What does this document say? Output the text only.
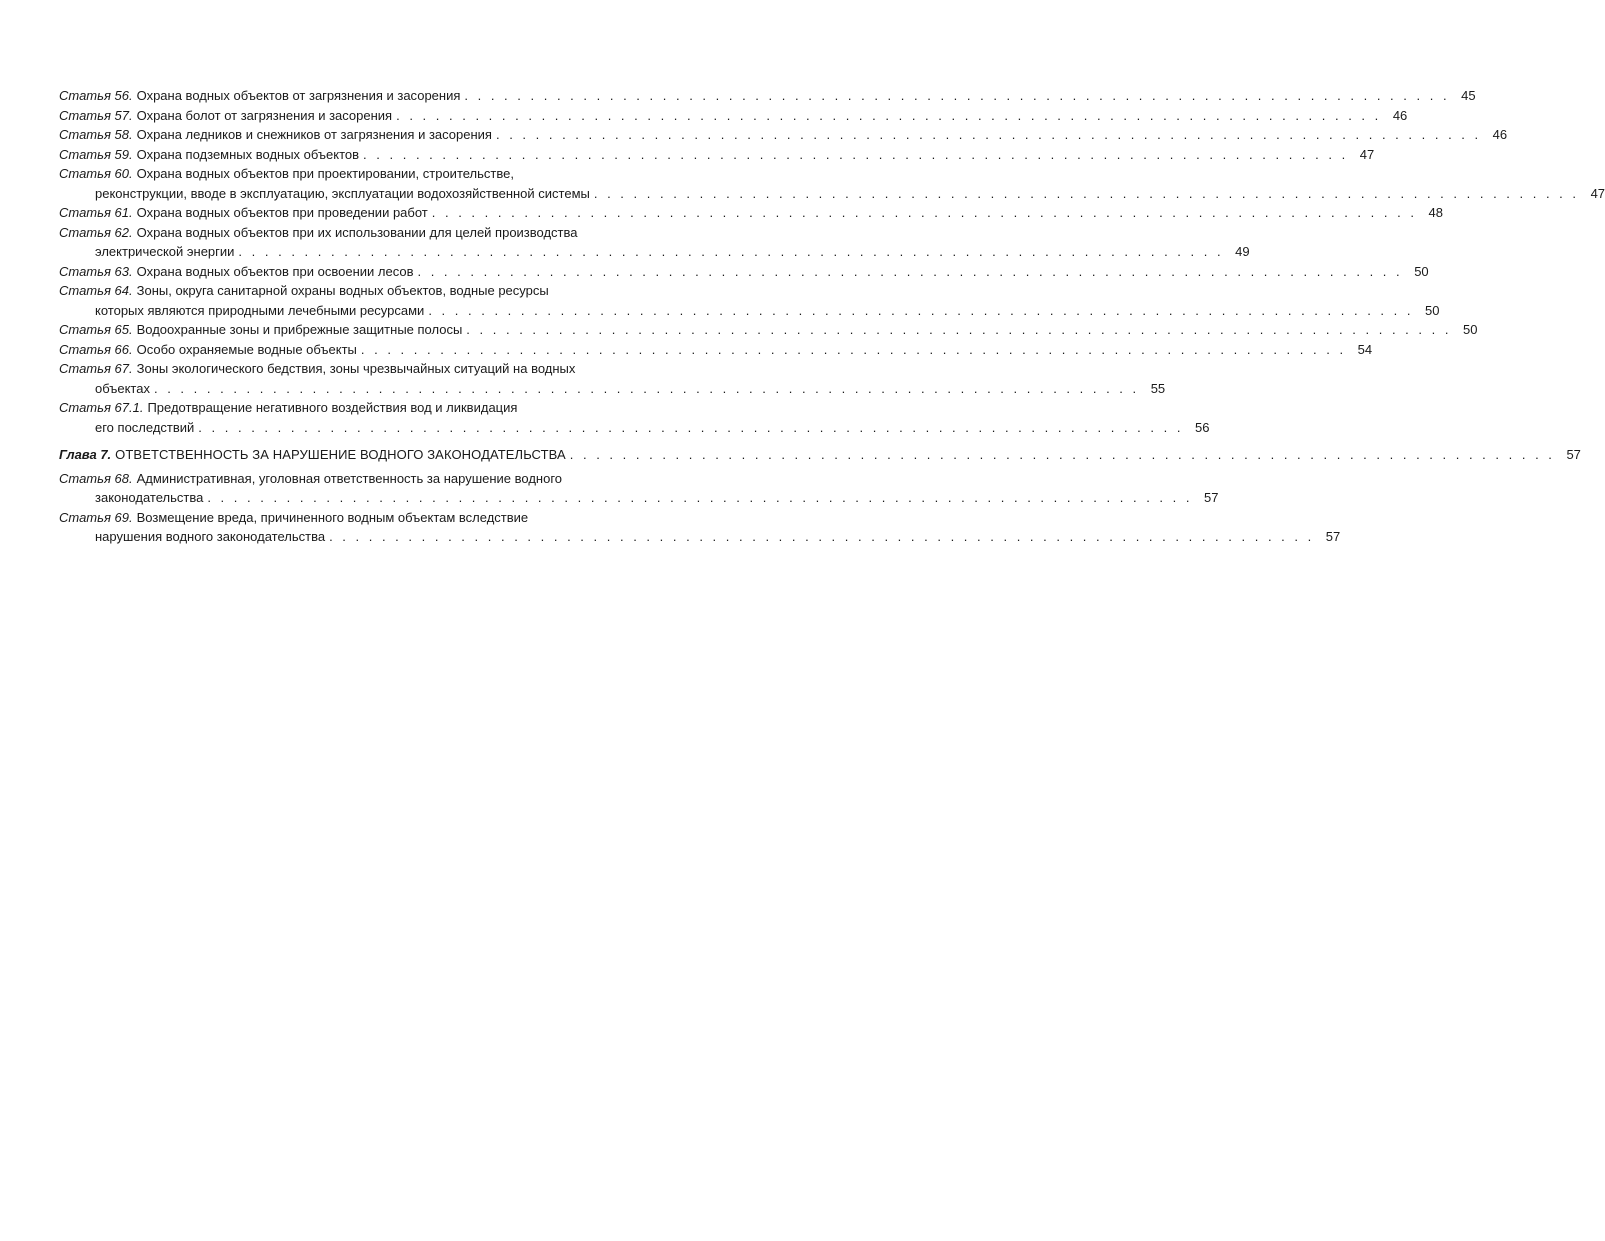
Статья 56. Охрана водных объектов от загрязнения и засорения . . . . . . . . . . . . . . . . . . . . . . . . . . . . . . . . . . . . . . . . . . . . . . . . . . . . . . . . . . . . . . . . . . . . . . . . . . . 45
Статья 57. Охрана болот от загрязнения и засорения . . . . . . . . . . . . . . . . . . . . . . . . . . . . . . . . . . . . . . . . . . . . . . . . . . . . . . . . . . . . . . . . . . . . . . . . . . . 46
Статья 58. Охрана ледников и снежников от загрязнения и засорения . . . . . . . . . . . . . . . . . . . . . . . . . . . . . . . . . . . . . . . . . . . . . . . . . . . . . . . . . . . . . . . . . . . . . . . . . . . 46
Статья 59. Охрана подземных водных объектов . . . . . . . . . . . . . . . . . . . . . . . . . . . . . . . . . . . . . . . . . . . . . . . . . . . . . . . . . . . . . . . . . . . . . . . . . . . 47
Статья 60. Охрана водных объектов при проектировании, строительстве,
реконструкции, вводе в эксплуатацию, эксплуатации водохозяйственной системы . . . . . . . . . . . . . . . . . . . . . . . . . . . . . . . . . . . . . . . . . . . . . . . . . . . . . . . . . . . . . . . . . . . . . . . . . . . 47
Статья 61. Охрана водных объектов при проведении работ . . . . . . . . . . . . . . . . . . . . . . . . . . . . . . . . . . . . . . . . . . . . . . . . . . . . . . . . . . . . . . . . . . . . . . . . . . . 48
Статья 62. Охрана водных объектов при их использовании для целей производства
электрической энергии . . . . . . . . . . . . . . . . . . . . . . . . . . . . . . . . . . . . . . . . . . . . . . . . . . . . . . . . . . . . . . . . . . . . . . . . . . . 49
Статья 63. Охрана водных объектов при освоении лесов . . . . . . . . . . . . . . . . . . . . . . . . . . . . . . . . . . . . . . . . . . . . . . . . . . . . . . . . . . . . . . . . . . . . . . . . . . . 50
Статья 64. Зоны, округа санитарной охраны водных объектов, водные ресурсы
которых являются природными лечебными ресурсами . . . . . . . . . . . . . . . . . . . . . . . . . . . . . . . . . . . . . . . . . . . . . . . . . . . . . . . . . . . . . . . . . . . . . . . . . . . 50
Статья 65. Водоохранные зоны и прибрежные защитные полосы . . . . . . . . . . . . . . . . . . . . . . . . . . . . . . . . . . . . . . . . . . . . . . . . . . . . . . . . . . . . . . . . . . . . . . . . . . . 50
Статья 66. Особо охраняемые водные объекты . . . . . . . . . . . . . . . . . . . . . . . . . . . . . . . . . . . . . . . . . . . . . . . . . . . . . . . . . . . . . . . . . . . . . . . . . . . 54
Статья 67. Зоны экологического бедствия, зоны чрезвычайных ситуаций на водных
объектах . . . . . . . . . . . . . . . . . . . . . . . . . . . . . . . . . . . . . . . . . . . . . . . . . . . . . . . . . . . . . . . . . . . . . . . . . . . 55
Статья 67.1. Предотвращение негативного воздействия вод и ликвидация
его последствий . . . . . . . . . . . . . . . . . . . . . . . . . . . . . . . . . . . . . . . . . . . . . . . . . . . . . . . . . . . . . . . . . . . . . . . . . . . 56
Глава 7. ОТВЕТСТВЕННОСТЬ ЗА НАРУШЕНИЕ ВОДНОГО ЗАКОНОДАТЕЛЬСТВА . . . . . . . . . . . . . . . . . . . . . . . . . . . . . . . . . . . . . . . . . . . . . . . . . . . . . . . . . . . . . . . . . . . . . . . . . . . 57
Статья 68. Административная, уголовная ответственность за нарушение водного
законодательства . . . . . . . . . . . . . . . . . . . . . . . . . . . . . . . . . . . . . . . . . . . . . . . . . . . . . . . . . . . . . . . . . . . . . . . . . . . 57
Статья 69. Возмещение вреда, причиненного водным объектам вследствие
нарушения водного законодательства . . . . . . . . . . . . . . . . . . . . . . . . . . . . . . . . . . . . . . . . . . . . . . . . . . . . . . . . . . . . . . . . . . . . . . . . . . . 57
